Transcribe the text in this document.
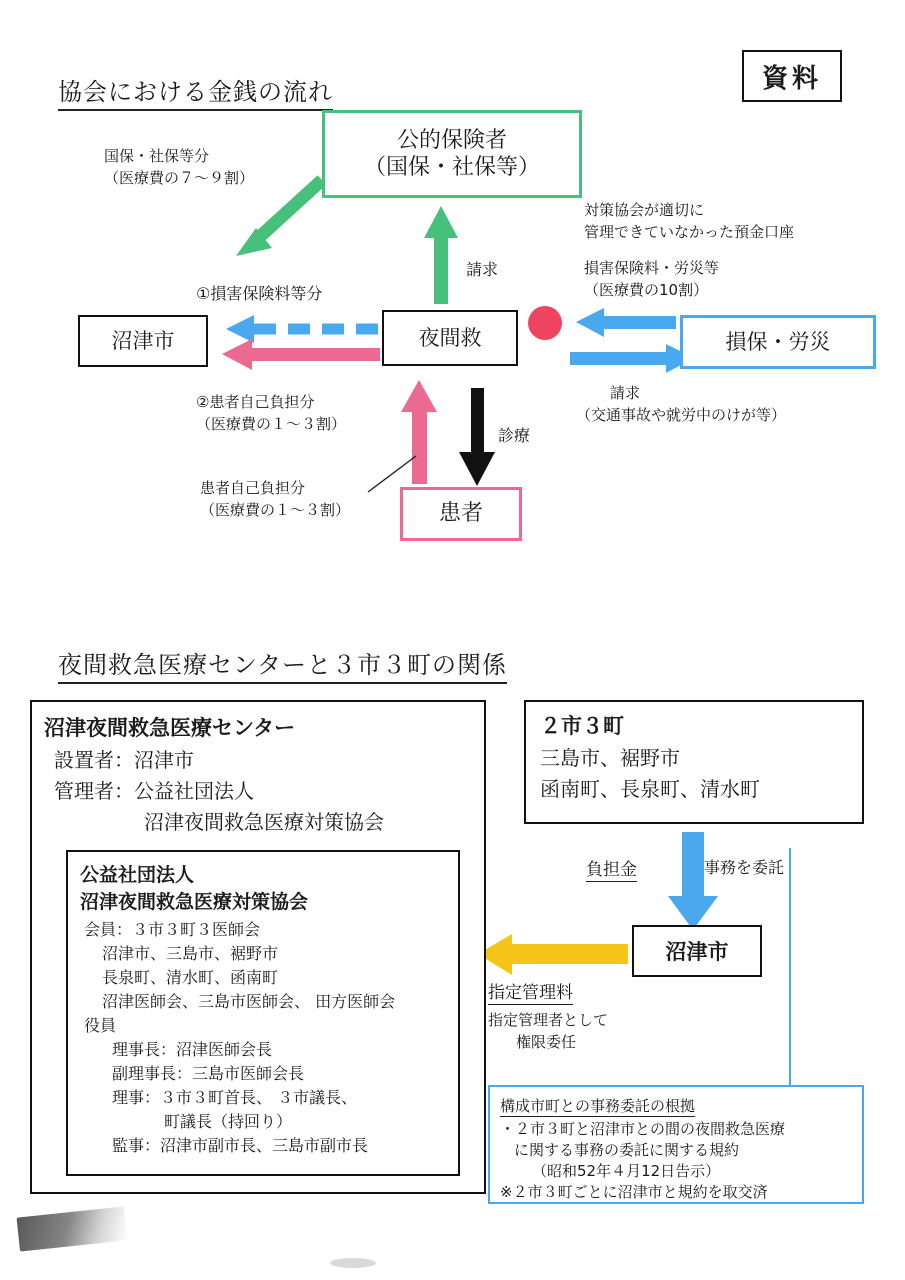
資料
協会における金銭の流れ
公的保険者
（国保・社保等）
沼津市	夜間救	損保・労災
患者
国保・社保等分
（医療費の７～９割）
請求
対策協会が適切に
管理できていなかった預金口座
損害保険料・労災等
（医療費の10割）
①損害保険料等分
②患者自己負担分
（医療費の１～３割）
請求
（交通事故や就労中のけが等）
診療
患者自己負担分
（医療費の１～３割）
夜間救急医療センターと３市３町の関係
沼津夜間救急医療センター
設置者：沼津市
管理者：公益社団法人
沼津夜間救急医療対策協会
公益社団法人
沼津夜間救急医療対策協会
会員：３市３町３医師会
沼津市、三島市、裾野市
長泉町、清水町、函南町
沼津医師会、三島市医師会、 田方医師会
役員
理事長：沼津医師会長
副理事長：三島市医師会長
理事：３市３町首長、 ３市議長、
町議長（持回り）
監事：沼津市副市長、三島市副市長
２市３町
三島市、裾野市
函南町、長泉町、清水町
沼津市
負担金	事務を委託
指定管理料
指定管理者として
権限委任
構成市町との事務委託の根拠
・２市３町と沼津市との間の夜間救急医療
に関する事務の委託に関する規約
（昭和52年４月12日告示）
※２市３町ごとに沼津市と規約を取交済
